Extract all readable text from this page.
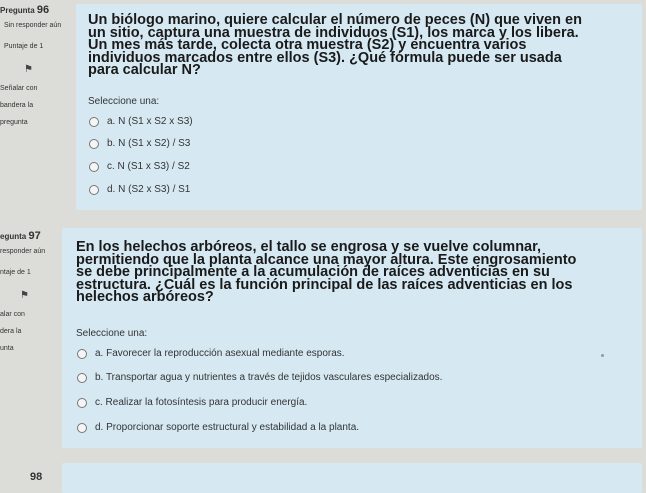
Pregunta 96
Sin responder aún
Puntaje de 1
⚑
Señalar con
bandera la
pregunta
Un biólogo marino, quiere calcular el número de peces (N) que viven en un sitio, captura una muestra de individuos (S1), los marca y los libera. Un mes más tarde, colecta otra muestra (S2) y encuentra varios individuos marcados entre ellos (S3). ¿Qué fórmula puede ser usada para calcular N?
Seleccione una:
a. N (S1 x S2 x S3)
b. N (S1 x S2) / S3
c. N (S1 x S3) / S2
d. N (S2 x S3) / S1
egunta 97
responder aún
ntaje de 1
⚑
alar con
dera la
unta
En los helechos arbóreos, el tallo se engrosa y se vuelve columnar, permitiendo que la planta alcance una mayor altura. Este engrosamiento se debe principalmente a la acumulación de raíces adventicias en su estructura. ¿Cuál es la función principal de las raíces adventicias en los helechos arbóreos?
Seleccione una:
a. Favorecer la reproducción asexual mediante esporas.
b. Transportar agua y nutrientes a través de tejidos vasculares especializados.
c. Realizar la fotosíntesis para producir energía.
d. Proporcionar soporte estructural y estabilidad a la planta.
98
